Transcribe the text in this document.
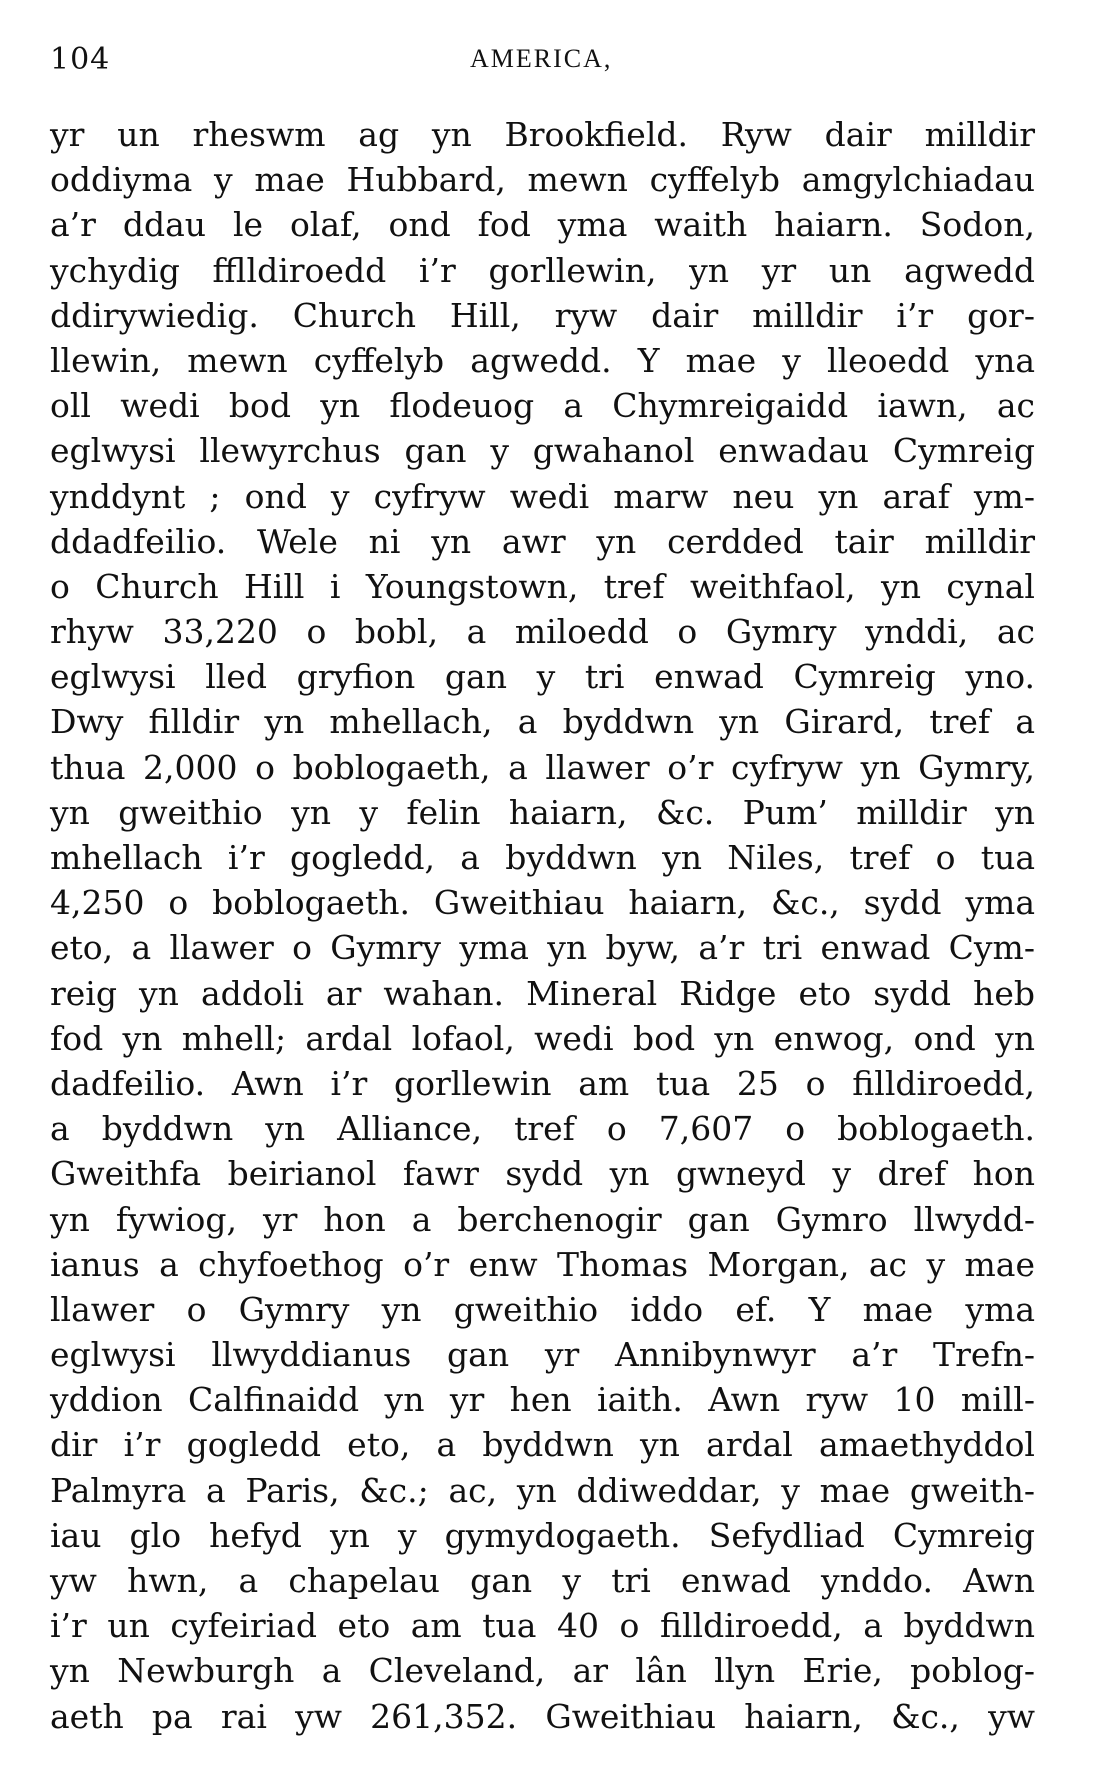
104	AMERICA,
yr un rheswm ag yn Brookfield. Ryw dair milldir
oddiyma y mae Hubbard, mewn cyffelyb amgylchiadau
a’r ddau le olaf, ond fod yma waith haiarn. Sodon,
ychydig fflldiroedd i’r gorllewin, yn yr un agwedd
ddirywiedig. Church Hill, ryw dair milldir i’r gor-
llewin, mewn cyffelyb agwedd. Y mae y lleoedd yna
oll wedi bod yn flodeuog a Chymreigaidd iawn, ac
eglwysi llewyrchus gan y gwahanol enwadau Cymreig
ynddynt ; ond y cyfryw wedi marw neu yn araf ym-
ddadfeilio. Wele ni yn awr yn cerdded tair milldir
o Church Hill i Youngstown, tref weithfaol, yn cynal
rhyw 33,220 o bobl, a miloedd o Gymry ynddi, ac
eglwysi lled gryfion gan y tri enwad Cymreig yno.
Dwy filldir yn mhellach, a byddwn yn Girard, tref a
thua 2,000 o boblogaeth, a llawer o’r cyfryw yn Gymry,
yn gweithio yn y felin haiarn, &c. Pum’ milldir yn
mhellach i’r gogledd, a byddwn yn Niles, tref o tua
4,250 o boblogaeth. Gweithiau haiarn, &c., sydd yma
eto, a llawer o Gymry yma yn byw, a’r tri enwad Cym-
reig yn addoli ar wahan. Mineral Ridge eto sydd heb
fod yn mhell; ardal lofaol, wedi bod yn enwog, ond yn
dadfeilio. Awn i’r gorllewin am tua 25 o filldiroedd,
a byddwn yn Alliance, tref o 7,607 o boblogaeth.
Gweithfa beirianol fawr sydd yn gwneyd y dref hon
yn fywiog, yr hon a berchenogir gan Gymro llwydd-
ianus a chyfoethog o’r enw Thomas Morgan, ac y mae
llawer o Gymry yn gweithio iddo ef. Y mae yma
eglwysi llwyddianus gan yr Annibynwyr a’r Trefn-
yddion Calfinaidd yn yr hen iaith. Awn ryw 10 mill-
dir i’r gogledd eto, a byddwn yn ardal amaethyddol
Palmyra a Paris, &c.; ac, yn ddiweddar, y mae gweith-
iau glo hefyd yn y gymydogaeth. Sefydliad Cymreig
yw hwn, a chapelau gan y tri enwad ynddo. Awn
i’r un cyfeiriad eto am tua 40 o filldiroedd, a byddwn
yn Newburgh a Cleveland, ar lân llyn Erie, poblog-
aeth pa rai yw 261,352. Gweithiau haiarn, &c., yw
